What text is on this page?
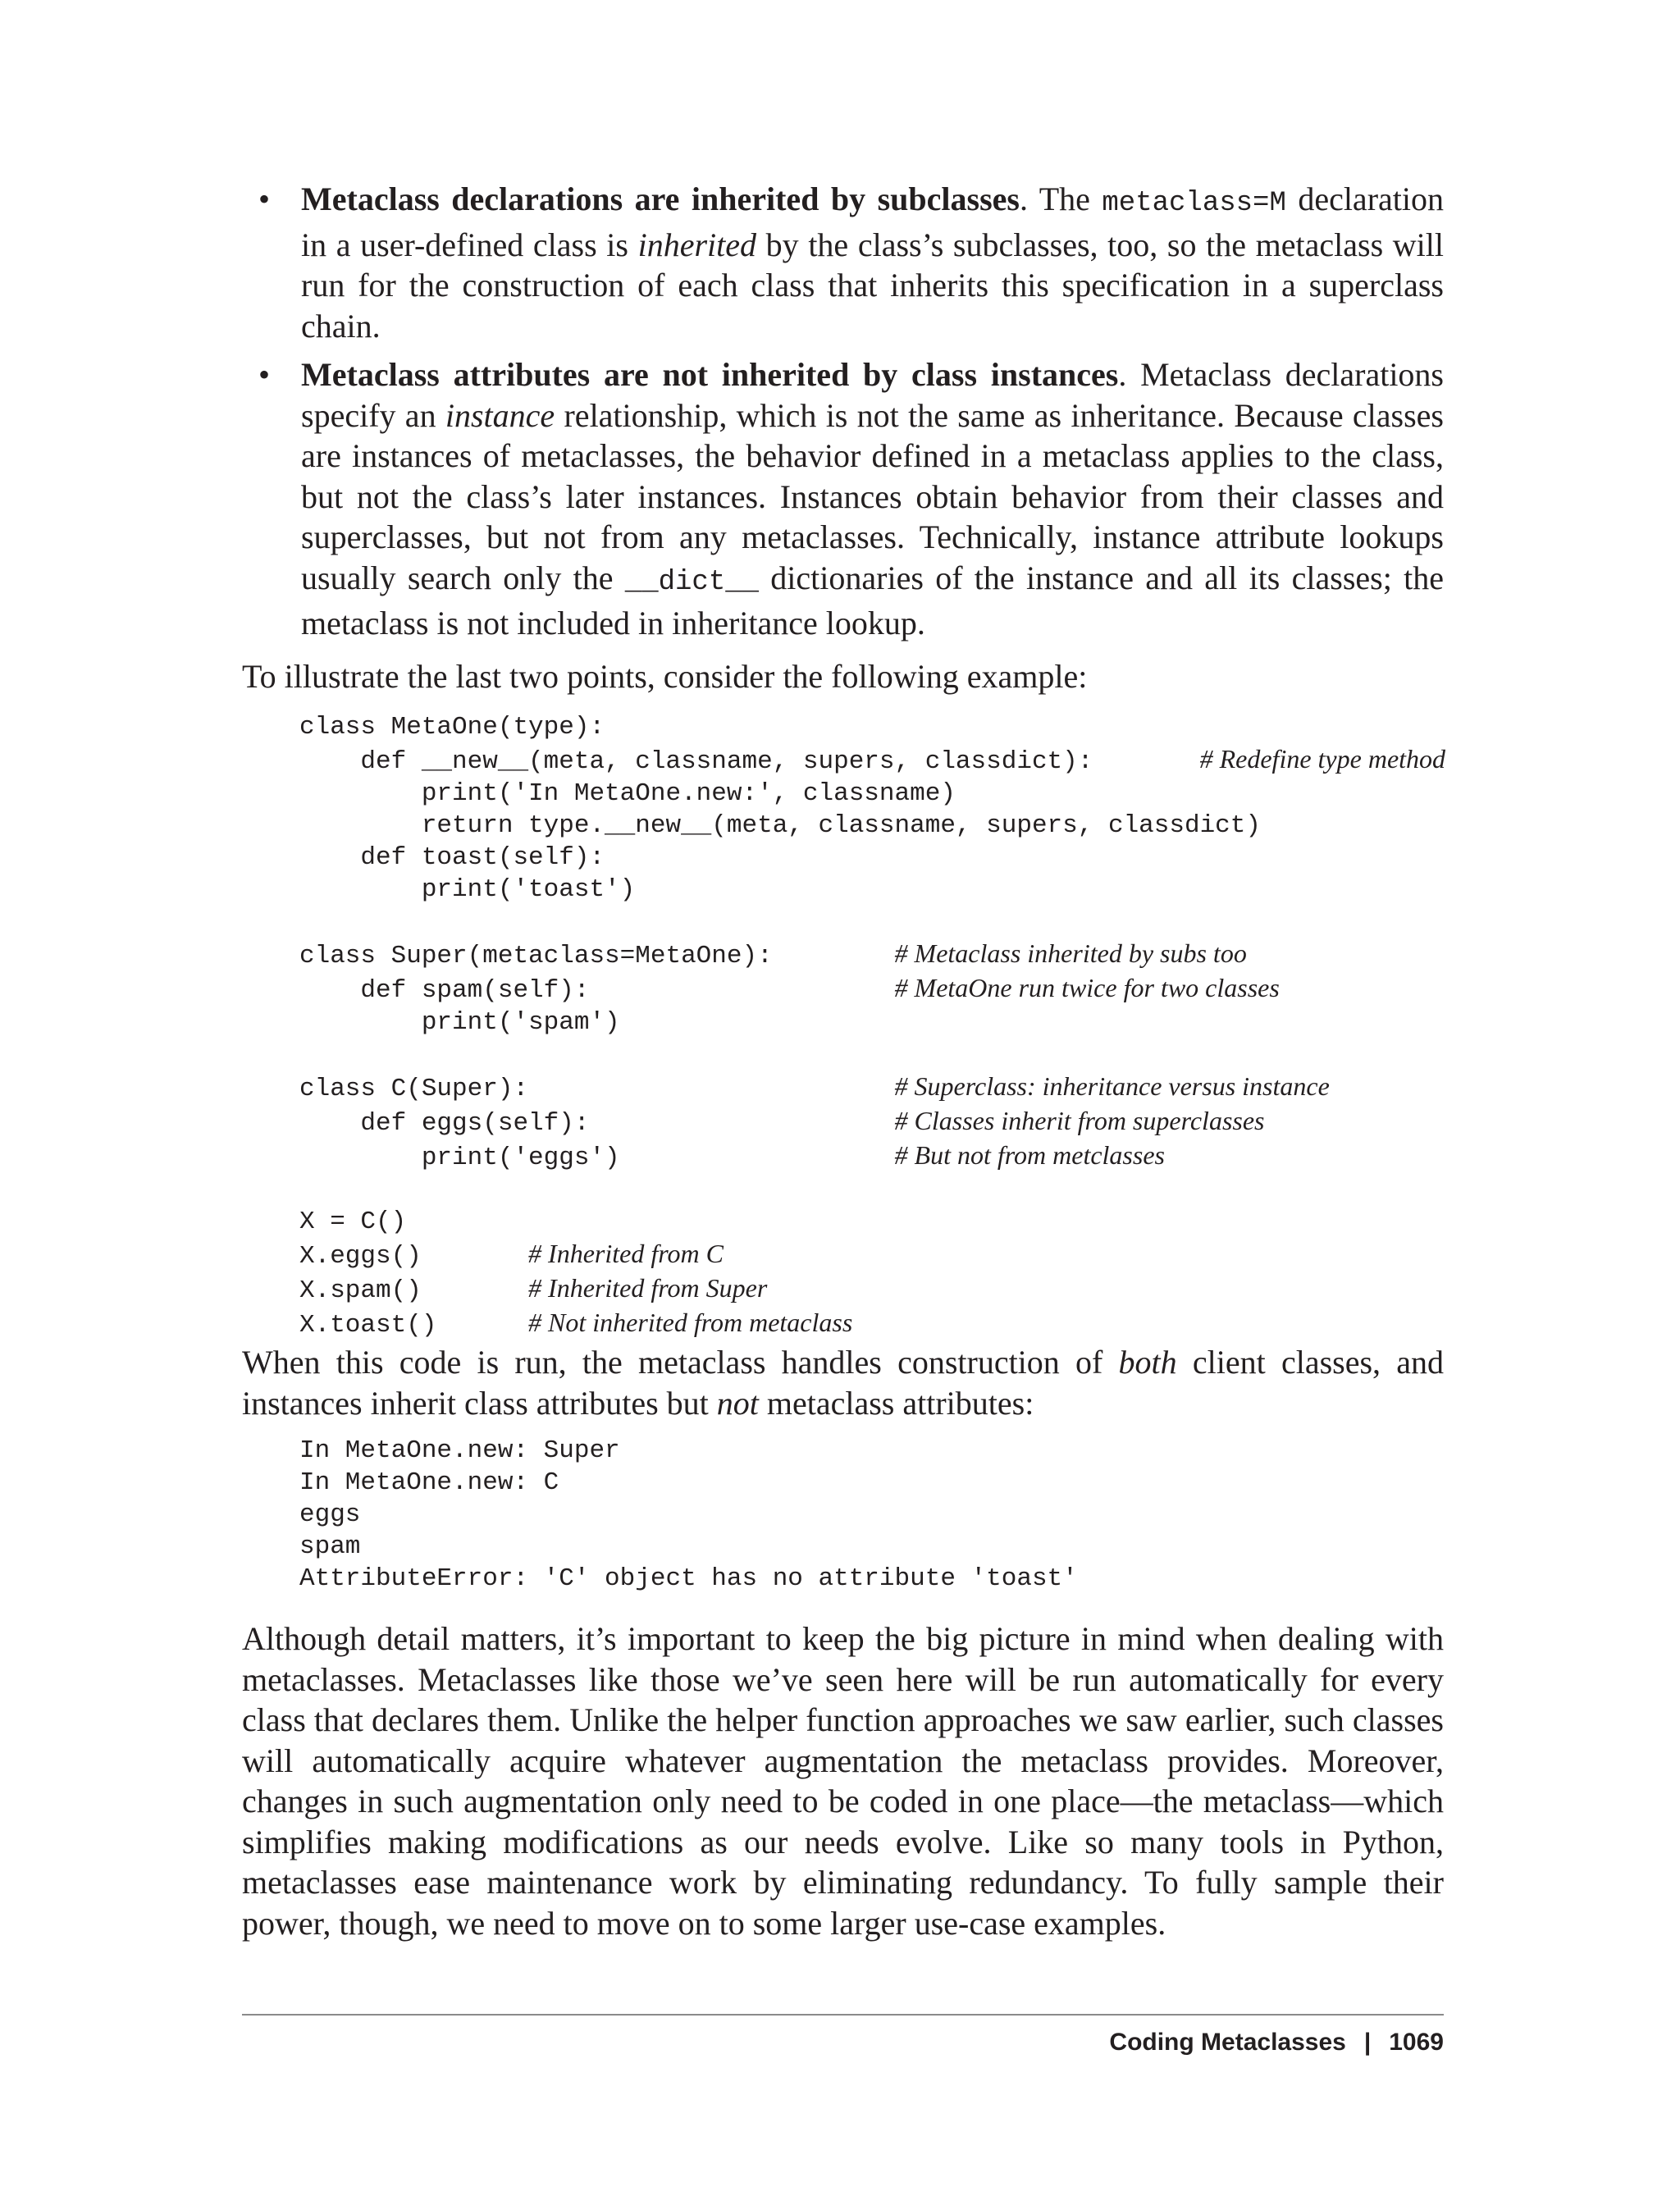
• Metaclass declarations are inherited by subclasses. The metaclass=M declaration in a user-defined class is inherited by the class’s subclasses, too, so the metaclass will run for the construction of each class that inherits this specification in a superclass chain.

• Metaclass attributes are not inherited by class instances. Metaclass declarations specify an instance relationship, which is not the same as inheritance. Because classes are instances of metaclasses, the behavior defined in a metaclass applies to the class, but not the class’s later instances. Instances obtain behavior from their classes and superclasses, but not from any metaclasses. Technically, instance attribute lookups usually search only the __dict__ dictionaries of the instance and all its classes; the metaclass is not included in inheritance lookup.

To illustrate the last two points, consider the following example:

class MetaOne(type):
def __new__(meta, classname, supers, classdict):       # Redefine type method
print('In MetaOne.new:', classname)
return type.__new__(meta, classname, supers, classdict)
def toast(self):
print('toast')

class Super(metaclass=MetaOne):        # Metaclass inherited by subs too
def spam(self):                    # MetaOne run twice for two classes
print('spam')

class C(Super):                        # Superclass: inheritance versus instance
def eggs(self):                    # Classes inherit from superclasses
print('eggs')                  # But not from metclasses

X = C()
X.eggs()       # Inherited from C
X.spam()       # Inherited from Super
X.toast()      # Not inherited from metaclass

When this code is run, the metaclass handles construction of both client classes, and instances inherit class attributes but not metaclass attributes:

In MetaOne.new: Super
In MetaOne.new: C
eggs
spam
AttributeError: 'C' object has no attribute 'toast'

Although detail matters, it’s important to keep the big picture in mind when dealing with metaclasses. Metaclasses like those we’ve seen here will be run automatically for every class that declares them. Unlike the helper function approaches we saw earlier, such classes will automatically acquire whatever augmentation the metaclass provides. Moreover, changes in such augmentation only need to be coded in one place—the metaclass—which simplifies making modifications as our needs evolve. Like so many tools in Python, metaclasses ease maintenance work by eliminating redundancy. To fully sample their power, though, we need to move on to some larger use-case examples.

Coding Metaclasses | 1069
